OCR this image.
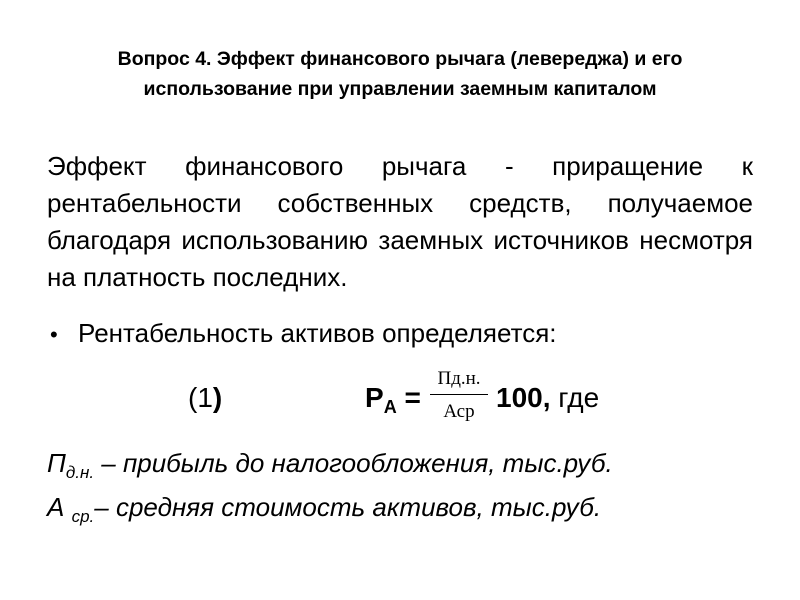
Вопрос 4. Эффект финансового рычага (левереджа) и его
использование при управлении заемным капиталом
Эффект финансового рычага - приращение к рентабельности собственных средств, получаемое благодаря использованию заемных источников несмотря на платность последних.
• Рентабельность активов определяется:
(1)	$Р_А$ =
Пд.н.
Аср 100, где
$П_{д.н.}$ – прибыль до налогообложения, тыс.руб.
А $_{ср.}$– средняя стоимость активов, тыс.руб.
